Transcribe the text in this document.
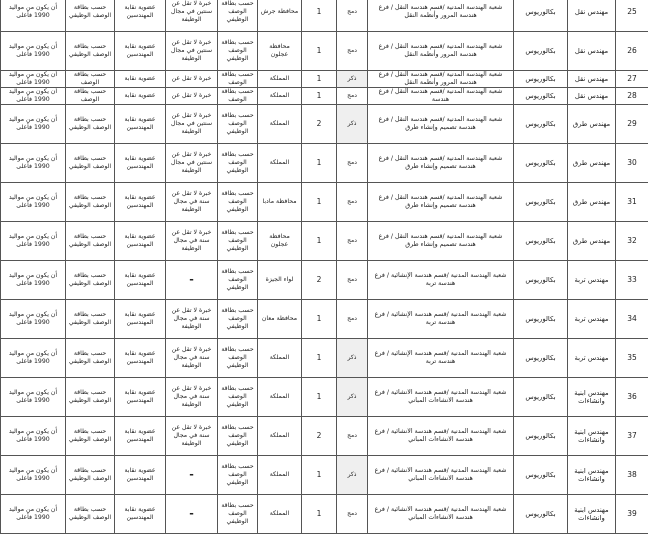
25	مهندس نقل	بكالوريوس	شعبة الهندسة المدنية /قسم هندسة النقل / فرع هندسة المرور وأنظمة النقل	دمج	1	محافظة جرش	حسب بطاقة الوصف الوظيفي	خبرة لا تقل عن سنتين في مجال الوظيفة	عضوية نقابة المهندسين	حسب بطاقة الوصف الوظيفي	أن يكون من مواليد 1990 فأعلى
26	مهندس نقل	بكالوريوس	شعبة الهندسة المدنية /قسم هندسة النقل / فرع هندسة المرور وأنظمة النقل	دمج	1	محافظة عجلون	حسب بطاقة الوصف الوظيفي	خبرة لا تقل عن سنتين في مجال الوظيفة	عضوية نقابة المهندسين	حسب بطاقة الوصف الوظيفي	أن يكون من مواليد 1990 فأعلى
27	مهندس نقل	بكالوريوس	شعبة الهندسة المدنية /قسم هندسة النقل / فرع هندسة المرور وأنظمة النقل	ذكر	1	المملكة	حسب بطاقة الوصف	خبرة لا تقل عن	عضوية نقابة	حسب بطاقة الوصف	أن يكون من مواليد 1990 فأعلى
28	مهندس نقل	بكالوريوس	شعبة الهندسة المدنية /قسم هندسة النقل / فرع هندسة	دمج	1	المملكة	حسب بطاقة الوصف	خبرة لا تقل عن	عضوية نقابة	حسب بطاقة الوصف	أن يكون من مواليد 1990 فأعلى
29	مهندس طرق	بكالوريوس	شعبة الهندسة المدنية /قسم هندسة النقل / فرع هندسة تصميم وإنشاء طرق	ذكر	2	المملكة	حسب بطاقة الوصف الوظيفي	خبرة لا تقل عن سنتين في مجال الوظيفة	عضوية نقابة المهندسين	حسب بطاقة الوصف الوظيفي	أن يكون من مواليد 1990 فأعلى
30	مهندس طرق	بكالوريوس	شعبة الهندسة المدنية /قسم هندسة النقل / فرع هندسة تصميم وإنشاء طرق	دمج	1	المملكة	حسب بطاقة الوصف الوظيفي	خبرة لا تقل عن سنتين في مجال الوظيفة	عضوية نقابة المهندسين	حسب بطاقة الوصف الوظيفي	أن يكون من مواليد 1990 فأعلى
31	مهندس طرق	بكالوريوس	شعبة الهندسة المدنية /قسم هندسة النقل / فرع هندسة تصميم وإنشاء طرق	دمج	1	محافظة مادبا	حسب بطاقة الوصف الوظيفي	خبرة لا تقل عن سنة في مجال الوظيفة	عضوية نقابة المهندسين	حسب بطاقة الوصف الوظيفي	أن يكون من مواليد 1990 فأعلى
32	مهندس طرق	بكالوريوس	شعبة الهندسة المدنية /قسم هندسة النقل / فرع هندسة تصميم وإنشاء طرق	دمج	1	محافظة عجلون	حسب بطاقة الوصف الوظيفي	خبرة لا تقل عن سنة في مجال الوظيفة	عضوية نقابة المهندسين	حسب بطاقة الوصف الوظيفي	أن يكون من مواليد 1990 فأعلى
33	مهندس تربة	بكالوريوس	شعبة الهندسة المدنية /قسم هندسة الإنشائية / فرع هندسة تربة	دمج	2	لواء الجيزة	حسب بطاقة الوصف الوظيفي	-	عضوية نقابة المهندسين	حسب بطاقة الوصف الوظيفي	أن يكون من مواليد 1990 فأعلى
34	مهندس تربة	بكالوريوس	شعبة الهندسة المدنية /قسم هندسة الإنشائية / فرع هندسة تربة	دمج	1	محافظة معان	حسب بطاقة الوصف الوظيفي	خبرة لا تقل عن سنة في مجال الوظيفة	عضوية نقابة المهندسين	حسب بطاقة الوصف الوظيفي	أن يكون من مواليد 1990 فأعلى
35	مهندس تربة	بكالوريوس	شعبة الهندسة المدنية /قسم هندسة الإنشائية / فرع هندسة تربة	ذكر	1	المملكة	حسب بطاقة الوصف الوظيفي	خبرة لا تقل عن سنة في مجال الوظيفة	عضوية نقابة المهندسين	حسب بطاقة الوصف الوظيفي	أن يكون من مواليد 1990 فأعلى
36	مهندس ابنية وانشاءات	بكالوريوس	شعبة الهندسة المدنية /قسم هندسة الانشائية / فرع هندسة الانشاءات المباني	ذكر	1	المملكة	حسب بطاقة الوصف الوظيفي	خبرة لا تقل عن سنة في مجال الوظيفة	عضوية نقابة المهندسين	حسب بطاقة الوصف الوظيفي	أن يكون من مواليد 1990 فأعلى
37	مهندس ابنية وانشاءات	بكالوريوس	شعبة الهندسة المدنية /قسم هندسة الانشائية / فرع هندسة الانشاءات المباني	دمج	2	المملكة	حسب بطاقة الوصف الوظيفي	خبرة لا تقل عن سنة في مجال الوظيفة	عضوية نقابة المهندسين	حسب بطاقة الوصف الوظيفي	أن يكون من مواليد 1990 فأعلى
38	مهندس ابنية وانشاءات	بكالوريوس	شعبة الهندسة المدنية /قسم هندسة الانشائية / فرع هندسة الانشاءات المباني	ذكر	1	المملكة	حسب بطاقة الوصف الوظيفي	-	عضوية نقابة المهندسين	حسب بطاقة الوصف الوظيفي	أن يكون من مواليد 1990 فأعلى
39	مهندس ابنية وانشاءات	بكالوريوس	شعبة الهندسة المدنية /قسم هندسة الانشائية / فرع هندسة الانشاءات المباني	دمج	1	المملكة	حسب بطاقة الوصف الوظيفي	-	عضوية نقابة المهندسين	حسب بطاقة الوصف الوظيفي	أن يكون من مواليد 1990 فأعلى
